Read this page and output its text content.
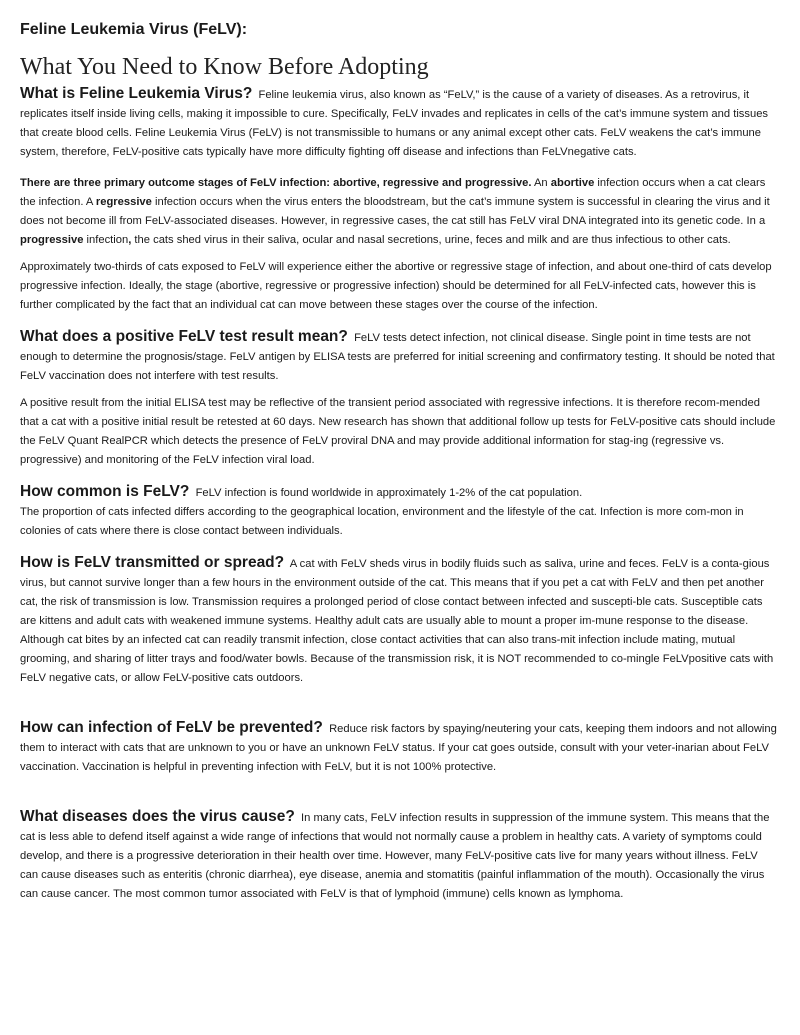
Feline Leukemia Virus (FeLV):
What You Need to Know Before Adopting

What is Feline Leukemia Virus? Feline leukemia virus, also known as “FeLV,” is the cause of a variety of diseases. As a retrovirus, it replicates itself inside living cells, making it impossible to cure. Specifically, FeLV invades and replicates in cells of the cat’s immune system and tissues that create blood cells. Feline Leukemia Virus (FeLV) is not transmissible to humans or any animal except other cats. FeLV weakens the cat’s immune system, therefore, FeLV-positive cats typically have more difficulty fighting off disease and infections than FeLVnegative cats.

There are three primary outcome stages of FeLV infection: abortive, regressive and progressive. An abortive infection occurs when a cat clears the infection. A regressive infection occurs when the virus enters the bloodstream, but the cat’s immune system is successful in clearing the virus and it does not become ill from FeLV-associated diseases. However, in regressive cases, the cat still has FeLV viral DNA integrated into its genetic code. In a progressive infection, the cats shed virus in their saliva, ocular and nasal secretions, urine, feces and milk and are thus infectious to other cats.

Approximately two-thirds of cats exposed to FeLV will experience either the abortive or regressive stage of infection, and about one-third of cats develop progressive infection. Ideally, the stage (abortive, regressive or progressive infection) should be determined for all FeLV-infected cats, however this is further complicated by the fact that an individual cat can move between these stages over the course of the infection.

What does a positive FeLV test result mean? FeLV tests detect infection, not clinical disease. Single point in time tests are not enough to determine the prognosis/stage. FeLV antigen by ELISA tests are preferred for initial screening and confirmatory testing. It should be noted that FeLV vaccination does not interfere with test results.

A positive result from the initial ELISA test may be reflective of the transient period associated with regressive infections. It is therefore recom-mended that a cat with a positive initial result be retested at 60 days. New research has shown that additional follow up tests for FeLV-positive cats should include the FeLV Quant RealPCR which detects the presence of FeLV proviral DNA and may provide additional information for stag-ing (regressive vs. progressive) and monitoring of the FeLV infection viral load.

How common is FeLV? FeLV infection is found worldwide in approximately 1-2% of the cat population.

The proportion of cats infected differs according to the geographical location, environment and the lifestyle of the cat. Infection is more com-mon in colonies of cats where there is close contact between individuals.

How is FeLV transmitted or spread? A cat with FeLV sheds virus in bodily fluids such as saliva, urine and feces. FeLV is a conta-gious virus, but cannot survive longer than a few hours in the environment outside of the cat. This means that if you pet a cat with FeLV and then pet another cat, the risk of transmission is low. Transmission requires a prolonged period of close contact between infected and suscepti-ble cats. Susceptible cats are kittens and adult cats with weakened immune systems. Healthy adult cats are usually able to mount a proper im-mune response to the disease. Although cat bites by an infected cat can readily transmit infection, close contact activities that can also trans-mit infection include mating, mutual grooming, and sharing of litter trays and food/water bowls. Because of the transmission risk, it is NOT recommended to co-mingle FeLVpositive cats with FeLV negative cats, or allow FeLV-positive cats outdoors.

How can infection of FeLV be prevented? Reduce risk factors by spaying/neutering your cats, keeping them indoors and not allowing them to interact with cats that are unknown to you or have an unknown FeLV status. If your cat goes outside, consult with your veter-inarian about FeLV vaccination. Vaccination is helpful in preventing infection with FeLV, but it is not 100% protective.

What diseases does the virus cause? In many cats, FeLV infection results in suppression of the immune system. This means that the cat is less able to defend itself against a wide range of infections that would not normally cause a problem in healthy cats. A variety of symptoms could develop, and there is a progressive deterioration in their health over time. However, many FeLV-positive cats live for many years without illness. FeLV can cause diseases such as enteritis (chronic diarrhea), eye disease, anemia and stomatitis (painful inflammation of the mouth). Occasionally the virus can cause cancer. The most common tumor associated with FeLV is that of lymphoid (immune) cells known as lymphoma.
